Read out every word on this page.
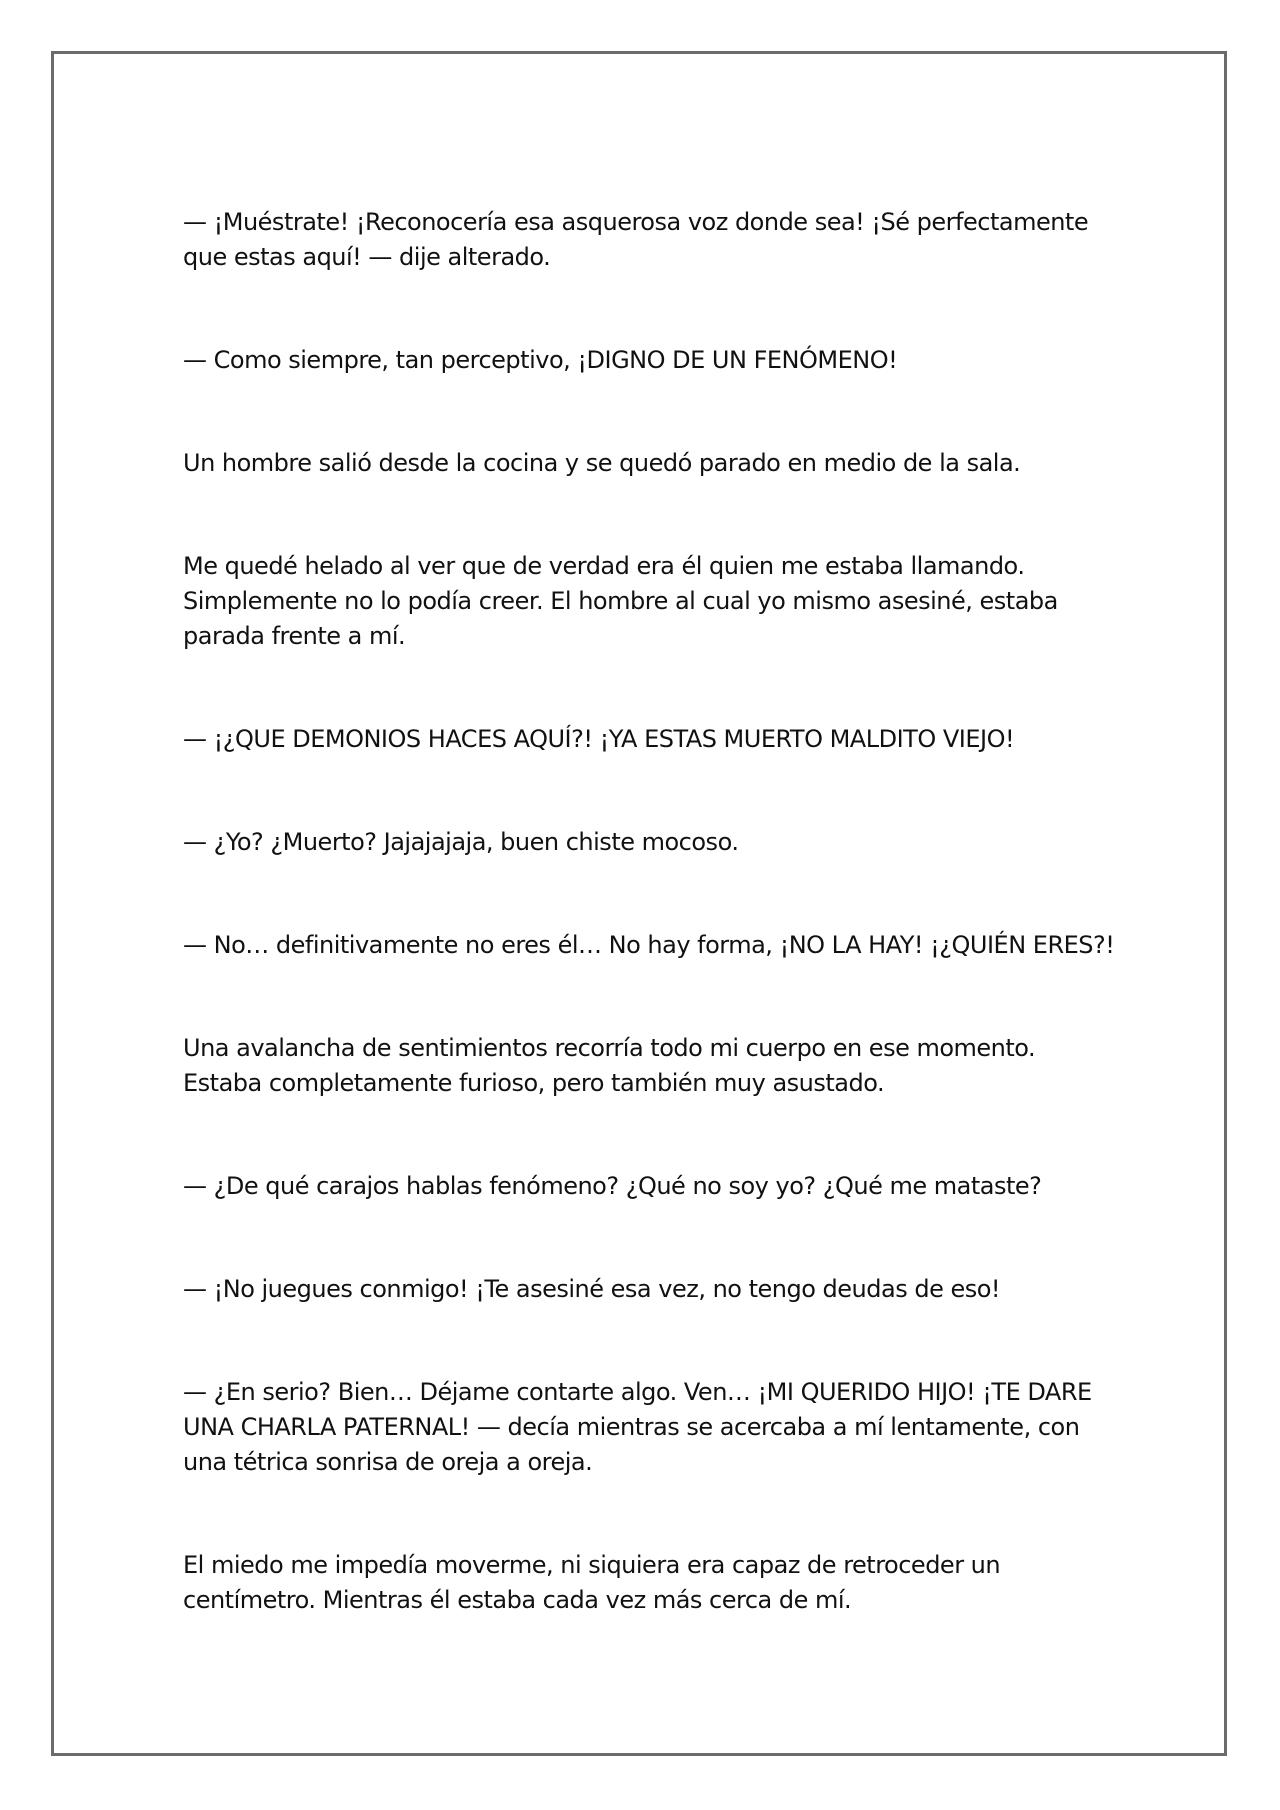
— ¡Muéstrate! ¡Reconocería esa asquerosa voz donde sea! ¡Sé perfectamente que estas aquí! — dije alterado.

— Como siempre, tan perceptivo, ¡DIGNO DE UN FENÓMENO!

Un hombre salió desde la cocina y se quedó parado en medio de la sala.

Me quedé helado al ver que de verdad era él quien me estaba llamando. Simplemente no lo podía creer. El hombre al cual yo mismo asesiné, estaba parada frente a mí.

— ¡¿QUE DEMONIOS HACES AQUÍ?! ¡YA ESTAS MUERTO MALDITO VIEJO!

— ¿Yo? ¿Muerto? Jajajajaja, buen chiste mocoso.

— No… definitivamente no eres él… No hay forma, ¡NO LA HAY! ¡¿QUIÉN ERES?!

Una avalancha de sentimientos recorría todo mi cuerpo en ese momento. Estaba completamente furioso, pero también muy asustado.

— ¿De qué carajos hablas fenómeno? ¿Qué no soy yo? ¿Qué me mataste?

— ¡No juegues conmigo! ¡Te asesiné esa vez, no tengo deudas de eso!

— ¿En serio? Bien… Déjame contarte algo. Ven… ¡MI QUERIDO HIJO! ¡TE DARE UNA CHARLA PATERNAL! — decía mientras se acercaba a mí lentamente, con una tétrica sonrisa de oreja a oreja.

El miedo me impedía moverme, ni siquiera era capaz de retroceder un centímetro. Mientras él estaba cada vez más cerca de mí.
